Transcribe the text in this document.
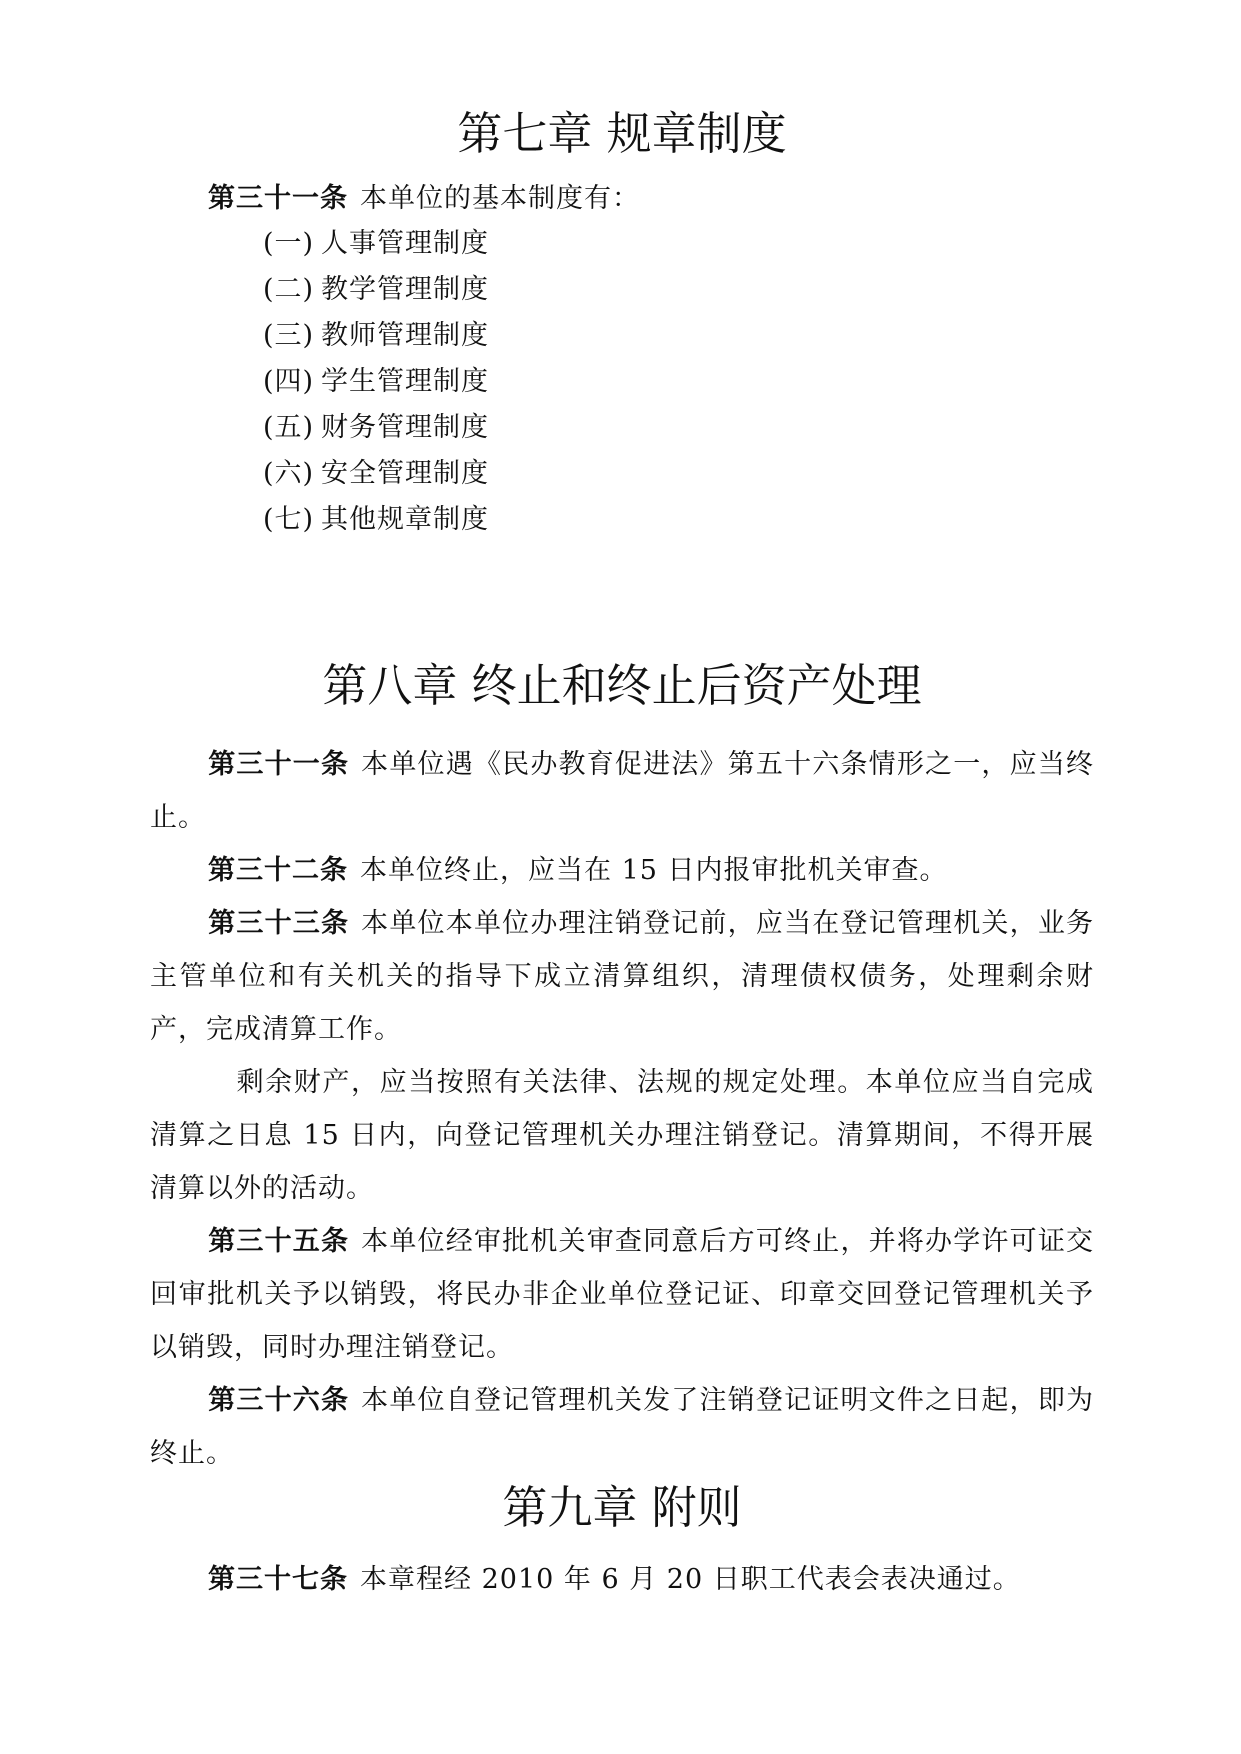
第七章 规章制度

第三十一条 本单位的基本制度有：

(一) 人事管理制度
(二) 教学管理制度
(三) 教师管理制度
(四) 学生管理制度
(五) 财务管理制度
(六) 安全管理制度
(七) 其他规章制度
第八章 终止和终止后资产处理

第三十一条 本单位遇《民办教育促进法》第五十六条情形之一，应当终止。

第三十二条 本单位终止，应当在 15 日内报审批机关审查。

第三十三条 本单位本单位办理注销登记前，应当在登记管理机关，业务主管单位和有关机关的指导下成立清算组织，清理债权债务，处理剩余财产，完成清算工作。

剩余财产，应当按照有关法律、法规的规定处理。本单位应当自完成清算之日息 15 日内，向登记管理机关办理注销登记。清算期间，不得开展清算以外的活动。

第三十五条 本单位经审批机关审查同意后方可终止，并将办学许可证交回审批机关予以销毁，将民办非企业单位登记证、印章交回登记管理机关予以销毁，同时办理注销登记。

第三十六条 本单位自登记管理机关发了注销登记证明文件之日起，即为终止。

第九章 附则

第三十七条 本章程经 2010 年 6 月 20 日职工代表会表决通过。
